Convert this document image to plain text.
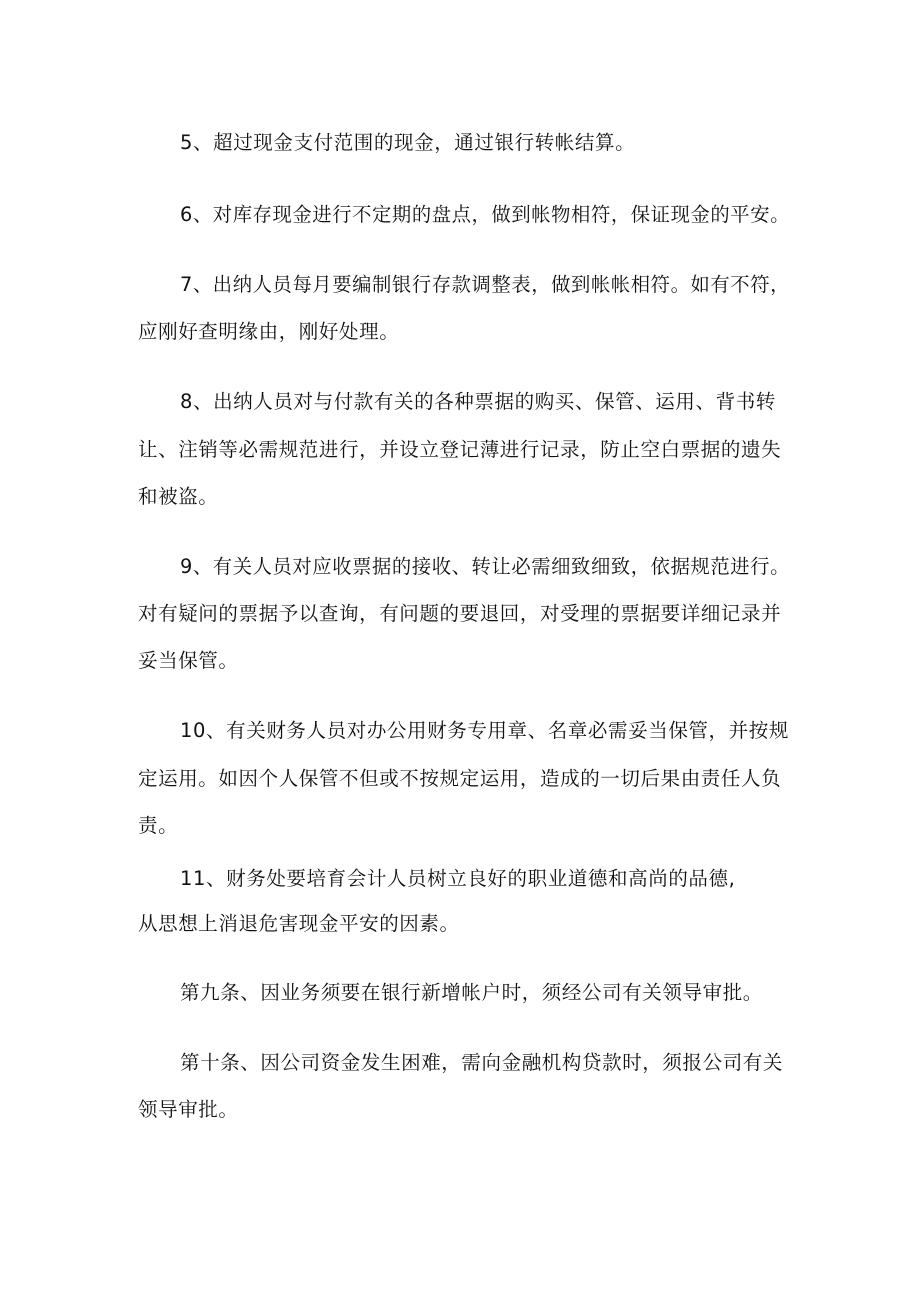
5、超过现金支付范围的现金，通过银行转帐结算。
6、对库存现金进行不定期的盘点，做到帐物相符，保证现金的平安。
7、出纳人员每月要编制银行存款调整表，做到帐帐相符。如有不符，
应刚好查明缘由，刚好处理。
8、出纳人员对与付款有关的各种票据的购买、保管、运用、背书转
让、注销等必需规范进行，并设立登记薄进行记录，防止空白票据的遗失
和被盗。
9、有关人员对应收票据的接收、转让必需细致细致，依据规范进行。
对有疑问的票据予以查询，有问题的要退回，对受理的票据要详细记录并
妥当保管。
10、有关财务人员对办公用财务专用章、名章必需妥当保管，并按规
定运用。如因个人保管不但或不按规定运用，造成的一切后果由责任人负
责。
11、财务处要培育会计人员树立良好的职业道德和高尚的品德,
从思想上消退危害现金平安的因素。
第九条、因业务须要在银行新增帐户时，须经公司有关领导审批。
第十条、因公司资金发生困难，需向金融机构贷款时，须报公司有关
领导审批。
